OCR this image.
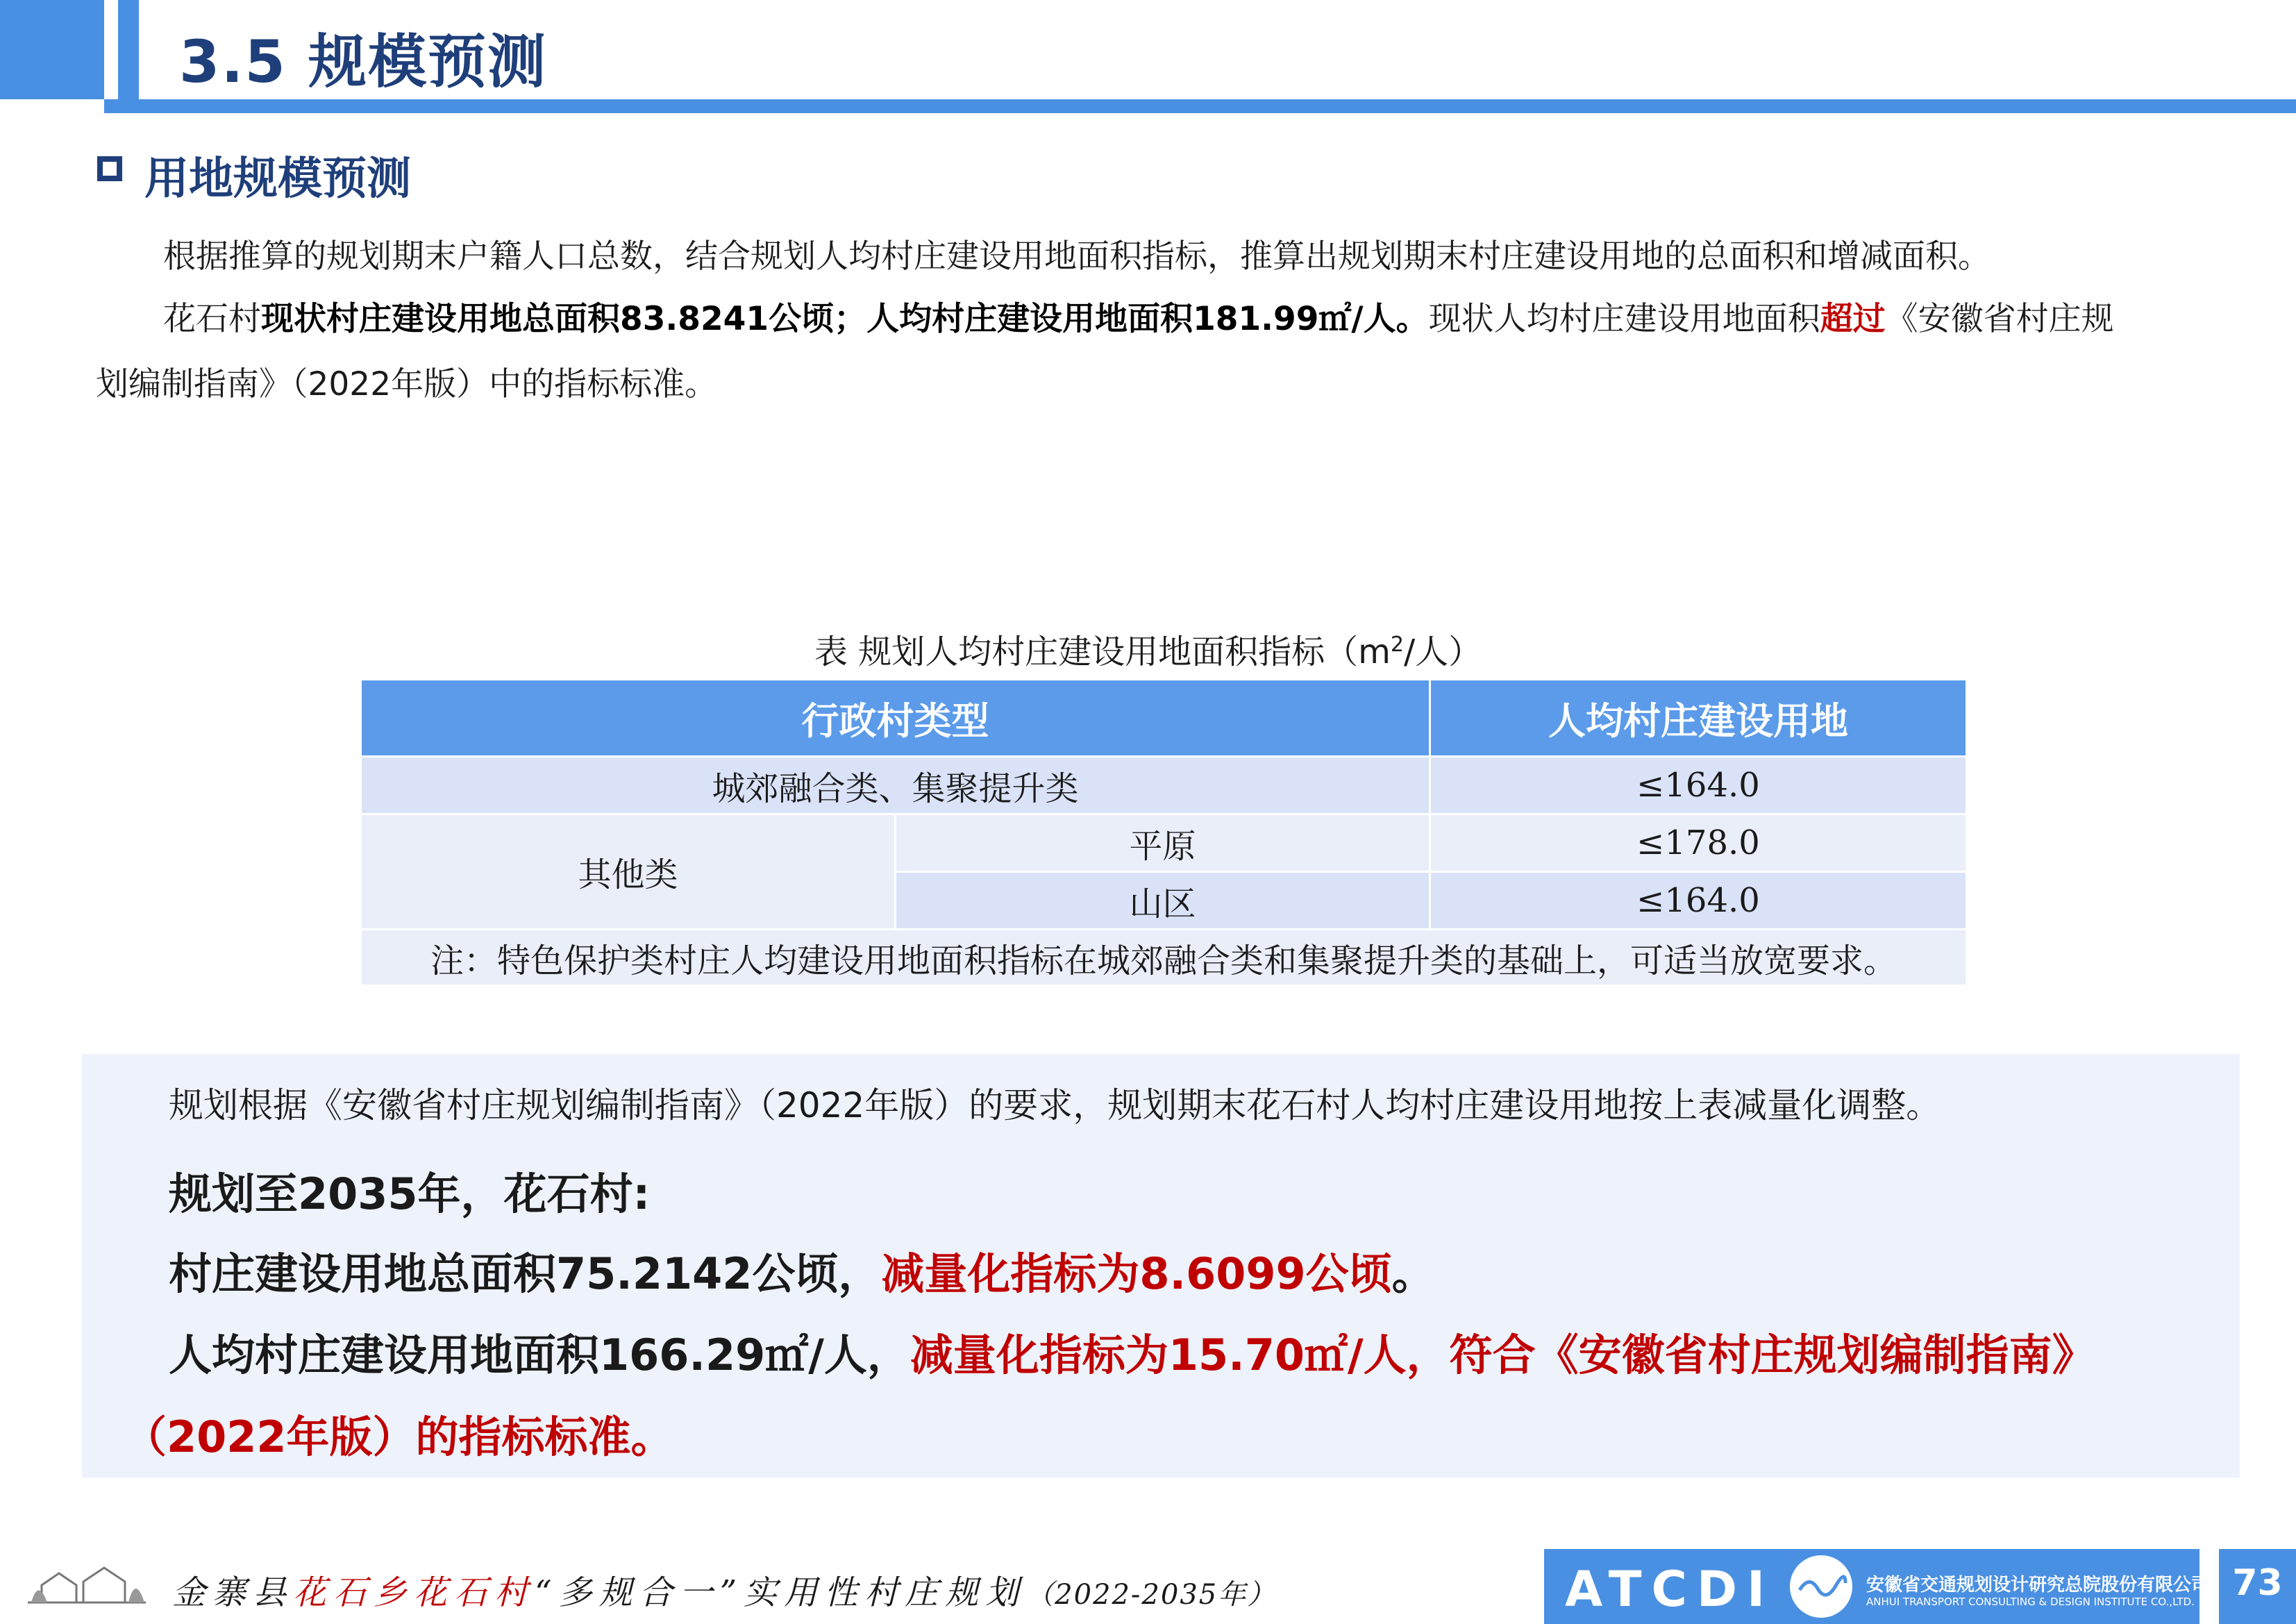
3.5 规模预测
用地规模预测
根据推算的规划期末户籍人口总数，结合规划人均村庄建设用地面积指标，推算出规划期末村庄建设用地的总面积和增减面积。
花石村现状村庄建设用地总面积83.8241公顷；人均村庄建设用地面积181.99㎡/人。现状人均村庄建设用地面积超过《安徽省村庄规
划编制指南》（2022年版）中的指标标准。
表 规划人均村庄建设用地面积指标（$m^2/$人）
行政村类型		人均村庄建设用地
城郊融合类、集聚提升类		≤164.0
其他类	平原	≤178.0
	山区	≤164.0
注：特色保护类村庄人均建设用地面积指标在城郊融合类和集聚提升类的基础上，可适当放宽要求。		
规划根据《安徽省村庄规划编制指南》（2022年版）的要求，规划期末花石村人均村庄建设用地按上表减量化调整。
规划至2035年，花石村:
村庄建设用地总面积75.2142公顷，减量化指标为8.6099公顷。
人均村庄建设用地面积166.29㎡/人，减量化指标为15.70㎡/人，符合《安徽省村庄规划编制指南》
（2022年版）的指标标准。
金寨县花石乡花石村“多规合一”实用性村庄规划（2022-2035年）	ATCDI	安徽省交通规划设计研究总院股份有限公司
ANHUI TRANSPORT CONSULTING & DESIGN INSTITUTE CO.,LTD.	73
